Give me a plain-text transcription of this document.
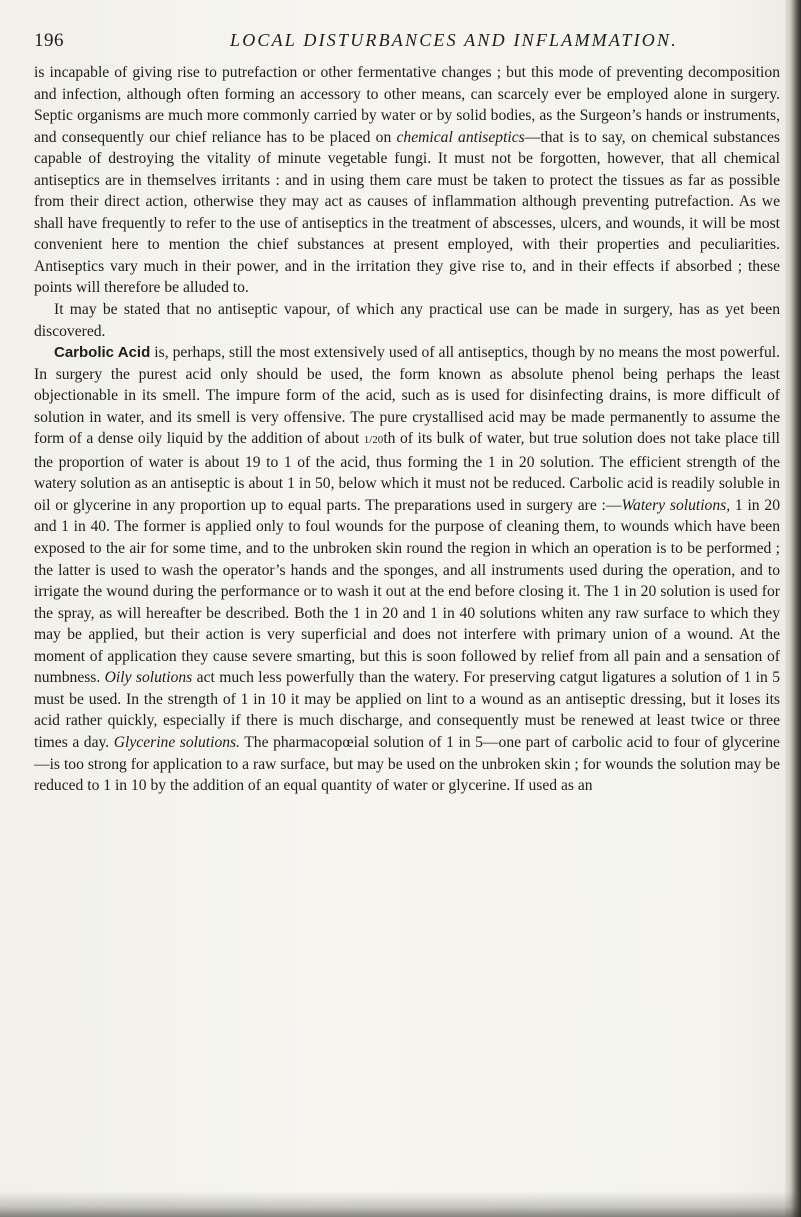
196	LOCAL DISTURBANCES AND INFLAMMATION.

is incapable of giving rise to putrefaction or other fermentative changes ; but this mode of preventing decomposition and infection, although often forming an accessory to other means, can scarcely ever be employed alone in surgery. Septic organisms are much more commonly carried by water or by solid bodies, as the Surgeon’s hands or instruments, and consequently our chief reliance has to be placed on chemical antiseptics—that is to say, on chemical substances capable of destroying the vitality of minute vegetable fungi. It must not be forgotten, however, that all chemical antiseptics are in themselves irritants : and in using them care must be taken to protect the tissues as far as possible from their direct action, otherwise they may act as causes of inflammation although preventing putrefaction. As we shall have frequently to refer to the use of antiseptics in the treatment of abscesses, ulcers, and wounds, it will be most convenient here to mention the chief substances at present employed, with their properties and peculiarities. Antiseptics vary much in their power, and in the irritation they give rise to, and in their effects if absorbed ; these points will therefore be alluded to.

It may be stated that no antiseptic vapour, of which any practical use can be made in surgery, has as yet been discovered.

Carbolic Acid is, perhaps, still the most extensively used of all antiseptics, though by no means the most powerful. In surgery the purest acid only should be used, the form known as absolute phenol being perhaps the least objectionable in its smell. The impure form of the acid, such as is used for disinfecting drains, is more difficult of solution in water, and its smell is very offensive. The pure crystallised acid may be made permanently to assume the form of a dense oily liquid by the addition of about 1/20th of its bulk of water, but true solution does not take place till the proportion of water is about 19 to 1 of the acid, thus forming the 1 in 20 solution. The efficient strength of the watery solution as an antiseptic is about 1 in 50, below which it must not be reduced. Carbolic acid is readily soluble in oil or glycerine in any proportion up to equal parts. The preparations used in surgery are :—Watery solutions, 1 in 20 and 1 in 40. The former is applied only to foul wounds for the purpose of cleaning them, to wounds which have been exposed to the air for some time, and to the unbroken skin round the region in which an operation is to be performed ; the latter is used to wash the operator’s hands and the sponges, and all instruments used during the operation, and to irrigate the wound during the performance or to wash it out at the end before closing it. The 1 in 20 solution is used for the spray, as will hereafter be described. Both the 1 in 20 and 1 in 40 solutions whiten any raw surface to which they may be applied, but their action is very superficial and does not interfere with primary union of a wound. At the moment of application they cause severe smarting, but this is soon followed by relief from all pain and a sensation of numbness. Oily solutions act much less powerfully than the watery. For preserving catgut ligatures a solution of 1 in 5 must be used. In the strength of 1 in 10 it may be applied on lint to a wound as an antiseptic dressing, but it loses its acid rather quickly, especially if there is much discharge, and consequently must be renewed at least twice or three times a day. Glycerine solutions. The pharmacopœial solution of 1 in 5—one part of carbolic acid to four of glycerine—is too strong for application to a raw surface, but may be used on the unbroken skin ; for wounds the solution may be reduced to 1 in 10 by the addition of an equal quantity of water or glycerine. If used as an
